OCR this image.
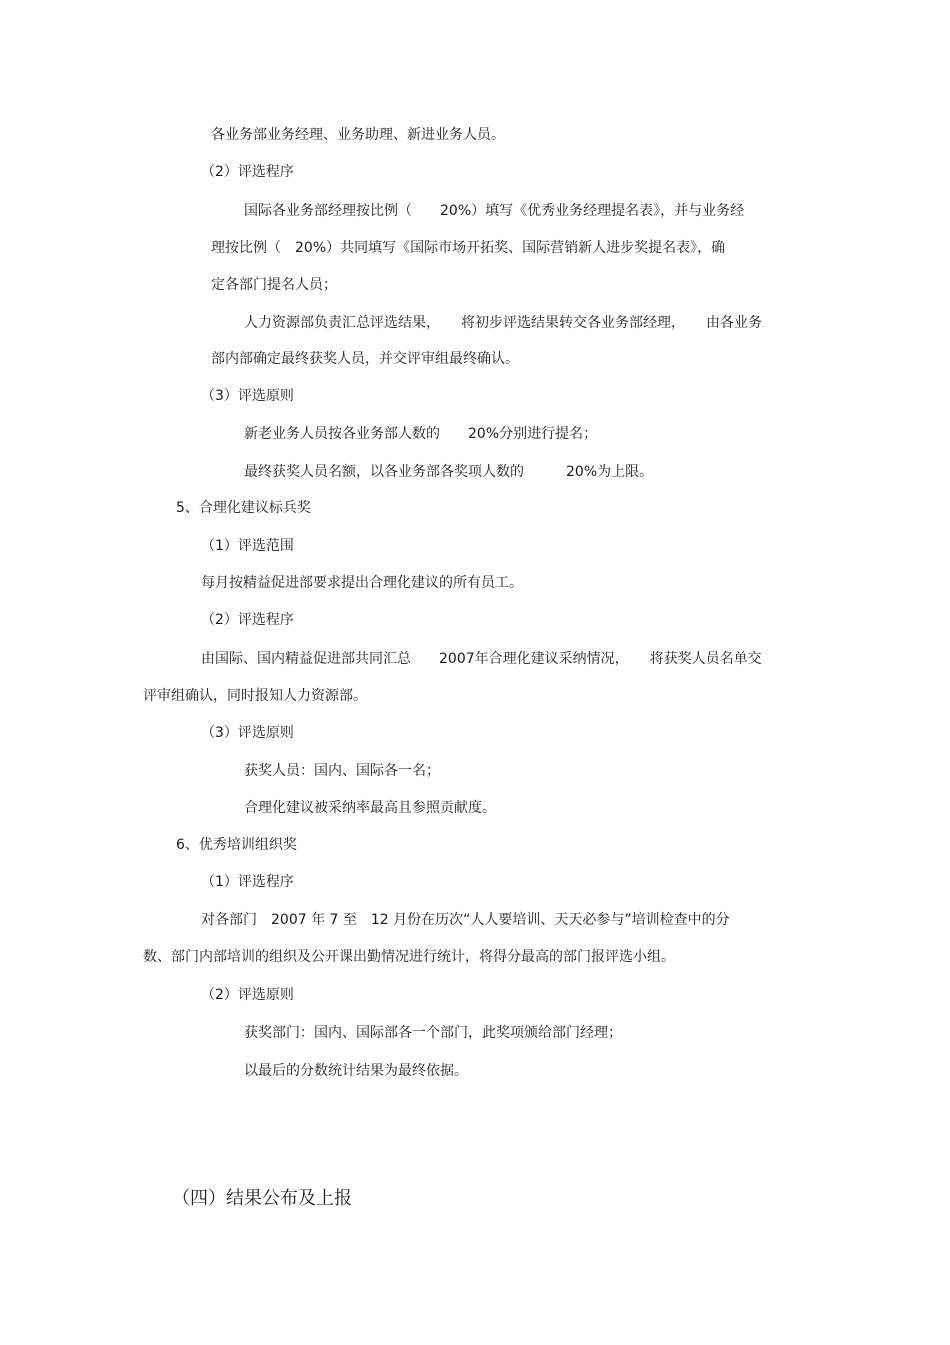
各业务部业务经理、业务助理、新进业务人员。
（2）评选程序
国际各业务部经理按比例（　　20%）填写《优秀业务经理提名表》，并与业务经
理按比例（　20%）共同填写《国际市场开拓奖、国际营销新人进步奖提名表》，确
定各部门提名人员；
人力资源部负责汇总评选结果，　　将初步评选结果转交各业务部经理，　　由各业务
部内部确定最终获奖人员，并交评审组最终确认。
（3）评选原则
新老业务人员按各业务部人数的　　20%分别进行提名；
最终获奖人员名额，以各业务部各奖项人数的　　　20%为上限。
5、合理化建议标兵奖
（1）评选范围
每月按精益促进部要求提出合理化建议的所有员工。
（2）评选程序
由国际、国内精益促进部共同汇总　　2007年合理化建议采纳情况，　　将获奖人员名单交
评审组确认，同时报知人力资源部。
（3）评选原则
获奖人员：国内、国际各一名；
合理化建议被采纳率最高且参照贡献度。
6、优秀培训组织奖
（1）评选程序
对各部门　2007 年 7 至　12 月份在历次“人人要培训、天天必参与”培训检查中的分
数、部门内部培训的组织及公开课出勤情况进行统计，将得分最高的部门报评选小组。
（2）评选原则
获奖部门：国内、国际部各一个部门，此奖项颁给部门经理；
以最后的分数统计结果为最终依据。
（四）结果公布及上报
